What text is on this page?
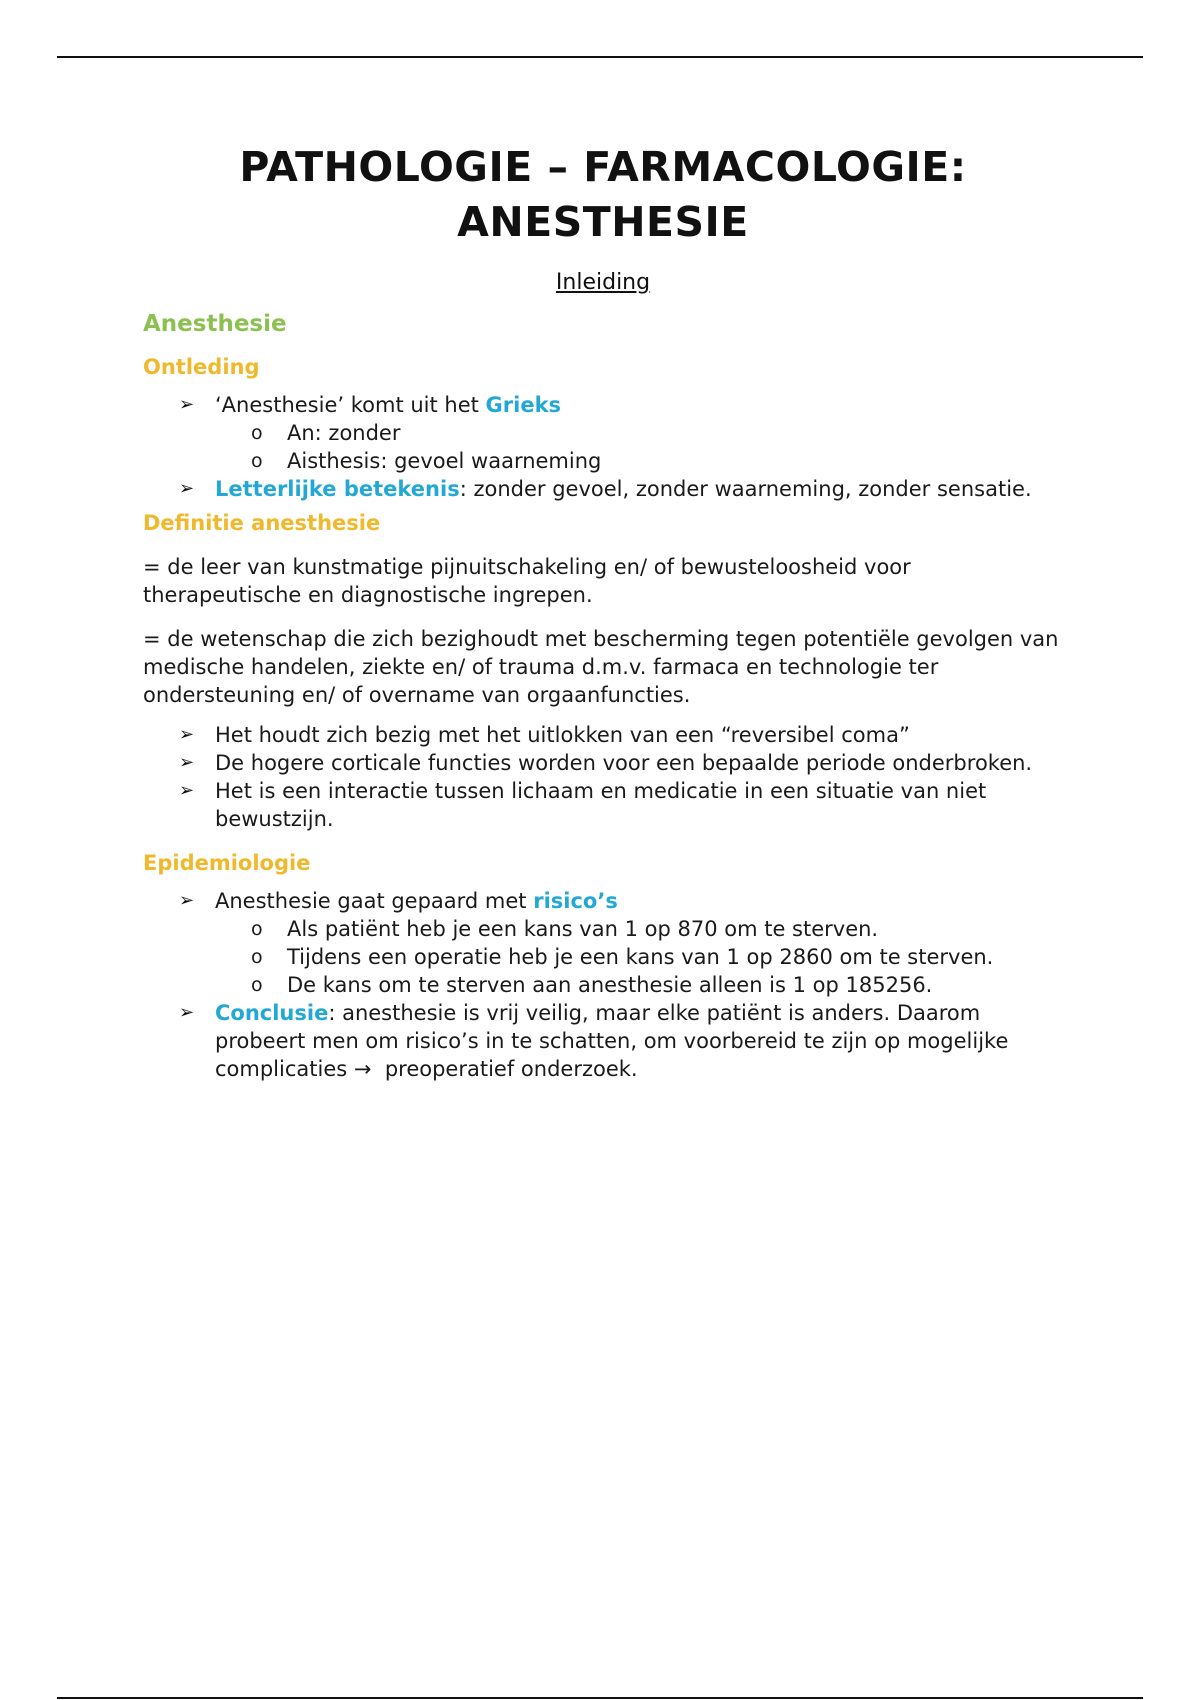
PATHOLOGIE – FARMACOLOGIE:
ANESTHESIE
Inleiding
Anesthesie
Ontleding
➢ ‘Anesthesie’ komt uit het Grieks
o An: zonder
o Aisthesis: gevoel waarneming
➢ Letterlijke betekenis: zonder gevoel, zonder waarneming, zonder sensatie.
Definitie anesthesie

= de leer van kunstmatige pijnuitschakeling en/ of bewusteloosheid voor therapeutische en diagnostische ingrepen.

= de wetenschap die zich bezighoudt met bescherming tegen potentiële gevolgen van medische handelen, ziekte en/ of trauma d.m.v. farmaca en technologie ter ondersteuning en/ of overname van orgaanfuncties.

➢ Het houdt zich bezig met het uitlokken van een “reversibel coma”
➢ De hogere corticale functies worden voor een bepaalde periode onderbroken.
➢ Het is een interactie tussen lichaam en medicatie in een situatie van niet bewustzijn.
Epidemiologie
➢ Anesthesie gaat gepaard met risico’s
o Als patiënt heb je een kans van 1 op 870 om te sterven.
o Tijdens een operatie heb je een kans van 1 op 2860 om te sterven.
o De kans om te sterven aan anesthesie alleen is 1 op 185256.
➢ Conclusie: anesthesie is vrij veilig, maar elke patiënt is anders. Daarom probeert men om risico’s in te schatten, om voorbereid te zijn op mogelijke complicaties →  preoperatief onderzoek.
